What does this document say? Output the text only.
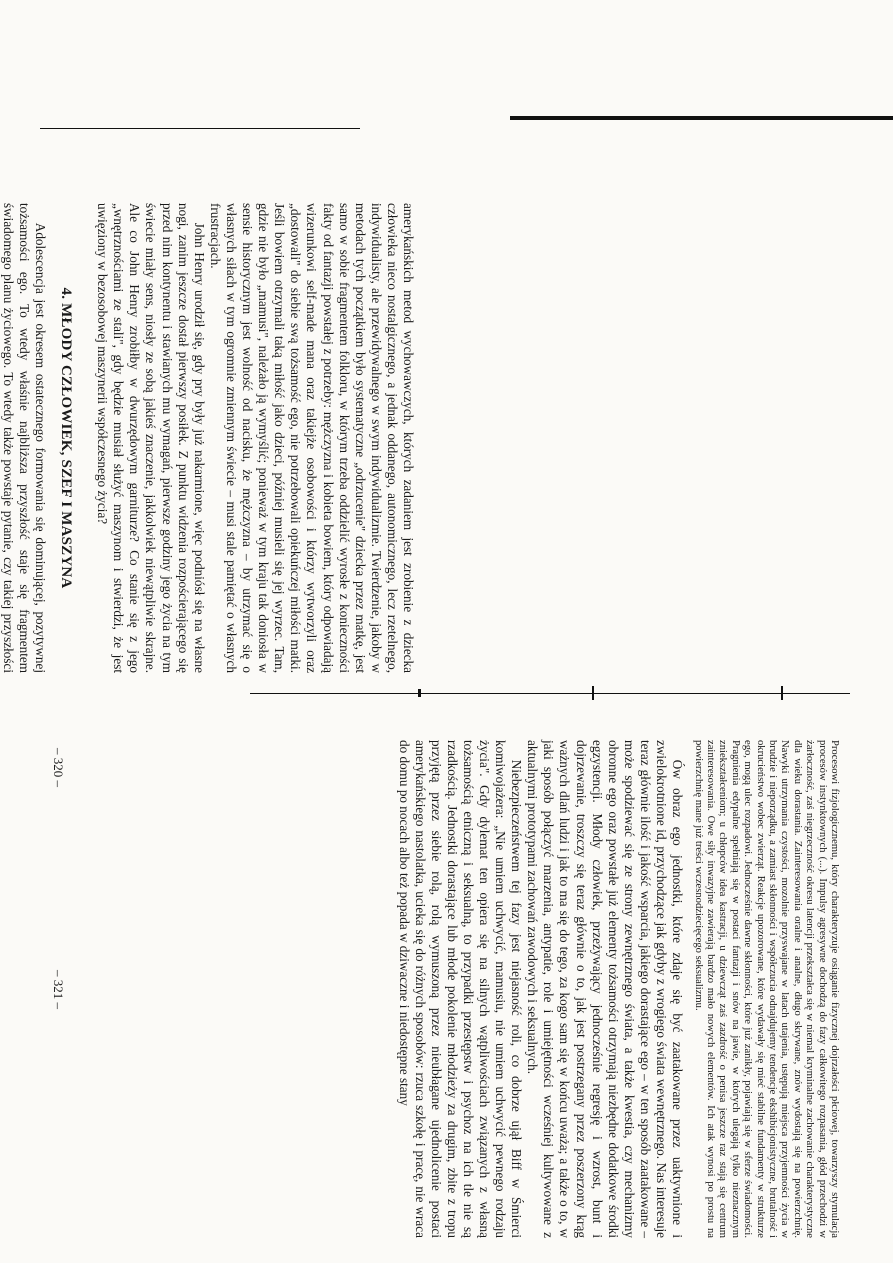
amerykańskich metod wychowawczych, których zadaniem jest zrobienie z dziecka człowieka nieco nostalgicznego, a jednak oddanego, autonomicznego, lecz rzetelnego, indywidualisty, ale przewidywalnego w swym indywidualizmie. Twierdzenie, jakoby w metodach tych początkiem było systematyczne „odrzucenie" dziecka przez matkę, jest samo w sobie fragmentem folkloru, w którym trzeba oddzielić wyrosłe z konieczności fakty od fantazji powstałej z potrzeby: mężczyzna i kobieta bowiem, który odpowiadają wizerunkowi self-made mana oraz takiejże osobowości i którzy wytworzyli oraz „dostowali" do siebie swą tożsamość ego, nie potrzebowali opiekuńczej miłości matki. Jeśli bowiem otrzymali taką miłość jako dzieci, później musieli się jej wyrzec. Tam, gdzie nie było „mamusi", należało ją wymyślić; ponieważ w tym kraju tak doniosła w sensie historycznym jest wolność od nacisku, że mężczyzna – by utrzymać się o własnych siłach w tym ogromnie zmiennym świecie – musi stale pamiętać o własnych frustracjach.

John Henry urodził się, gdy pry były już nakarmione, więc podniósł się na własne nogi, zanim jeszcze dostał pierwszy posiłek. Z punktu widzenia rozpościerającego się przed nim kontynentu i stawianych mu wymagań, pierwsze godziny jego życia na tym świecie miały sens, niosły ze sobą jakieś znaczenie, jakkolwiek niewątpliwie skrajne. Ale co John Henry zrobiłby w dwurzędowym garniturze? Co stanie się z jego „wnętrznościami ze stali", gdy będzie musiał służyć maszynom i stwierdzi, że jest uwięziony w bezosobowej maszynerii współczesnego życia?

4. MŁODY CZŁOWIEK, SZEF I MASZYNA

Adolescencja jest okresem ostatecznego formowania się dominującej, pozytywnej tożsamości ego. To wtedy właśnie najbliższa przyszłość staje się fragmentem świadomego planu życiowego. To wtedy także powstaje pytanie, czy takiej przyszłości

– 320 –	Procesowi fizjologicznemu, który charakteryzuje osiąganie fizycznej dojrzałości płciowej, towarzyszy stymulacja procesów instynktownych (...). Impulsy agresywne dochodzą do fazy całkowitego rozpasania, głód przechodzi w żarłoczność, zaś niegrzeczność okresu latencji przekształca się w niemal kryminalne zachowanie charakterystyczne dla wieku dorastania. Zainteresowania oralne i analne, długo skrywane, znów wydostają się na powierzchnię. Nawyki utrzymania czystości, mozolnie przyswajane w latach utajenia, ustępują miejsca przyjemności życia w brudzie i nieporządku, a zamiast skłonności i współczucia odnajdujemy tendencje ekshibicjonistyczne, brutalność i okrucieństwo wobec zwierząt. Reakcje upozorowane, które wydawały się mieć stabilne fundamenty w strukturze ego, mogą ulec rozpadowi. Jednocześnie dawne skłonności, które już zanikły, pojawiają się w sferze świadomości. Pragnienia edypalne spełniają się w postaci fantazji i snów na jawie, w których ulegają tylko nieznacznym zniekształceniom; u chłopców idea kastracji, u dziewcząt zaś zazdrość o penisa jeszcze raz stają się centrum zainteresowania. Owe siły inwazyjne zawierają bardzo mało nowych elementów. Ich atak wynosi po prostu na powierzchnię mane już treści wczesnodziecięcego seksualizmu.

Ów obraz ego jednostki, które zdaje się być zaatakowane przez uaktywnione i zwielokrotnione id, przychodzące jak gdyby z wrogiego świata wewnętrznego. Nas interesuje teraz głównie ilość i jakość wsparcia, jakiego dorastające ego – w ten sposób zaatakowane – może spodziewać się ze strony zewnętrznego świata, a także kwestia, czy mechanizmy obronne ego oraz powstałe już elementy tożsamości otrzymają niezbędne dodatkowe środki egzystencji. Młody człowiek, przeżywający jednocześnie regresję i wzrost, bunt i dojrzewanie, troszczy się teraz głównie o to, jak jest postrzegany przez poszerzony krąg ważnych dlań ludzi i jak to ma się do tego, za kogo sam się w końcu uważa; a także o to, w jaki sposób połączyć marzenia, antypatie, role i umiejętności wcześniej kultywowane z aktualnymi prototypami zachowań zawodowych i seksualnych.

Niebezpieczeństwem tej fazy jest niejasność roli, co dobrze ujął Biff w Śmierci komiwojażera: „Nie umiem uchwycić, mamusiu, nie umiem uchwycić pewnego rodzaju życia". Gdy dylemat ten opiera się na silnych wątpliwościach związanych z własną tożsamością etniczną i seksualną, to przypadki przestępstw i psychoz na ich tle nie są rzadkością. Jednostki dorastające lub młode pokolenie młodzieży za drugim, zbite z tropu przyjętą przez siebie rolą, rolą wymuszoną przez nieubłagane ujednolicenie postaci amerykańskiego nastolatka, ucieka się do różnych sposobów: rzuca szkołę i pracę, nie wraca do domu po nocach albo też popada w dziwaczne i niedostępne stany

– 321 –
